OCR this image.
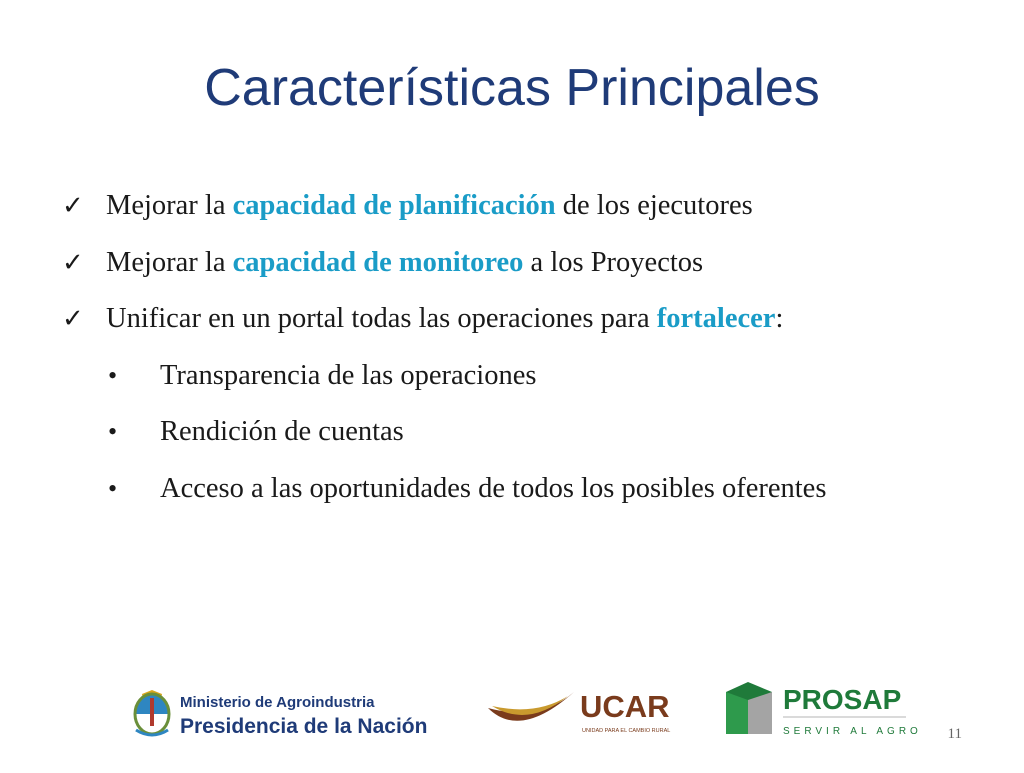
Características Principales
✓ Mejorar la capacidad de planificación de los ejecutores
✓ Mejorar la capacidad de monitoreo a los Proyectos
✓ Unificar en un portal todas las operaciones para fortalecer:
•	Transparencia de las operaciones
•	Rendición de cuentas
•	Acceso a las oportunidades de todos los posibles oferentes
Ministerio de Agroindustria
Presidencia de la Nación
UCAR
UNIDAD PARA EL CAMBIO RURAL
PROSAP
SERVIR AL AGRO 11
